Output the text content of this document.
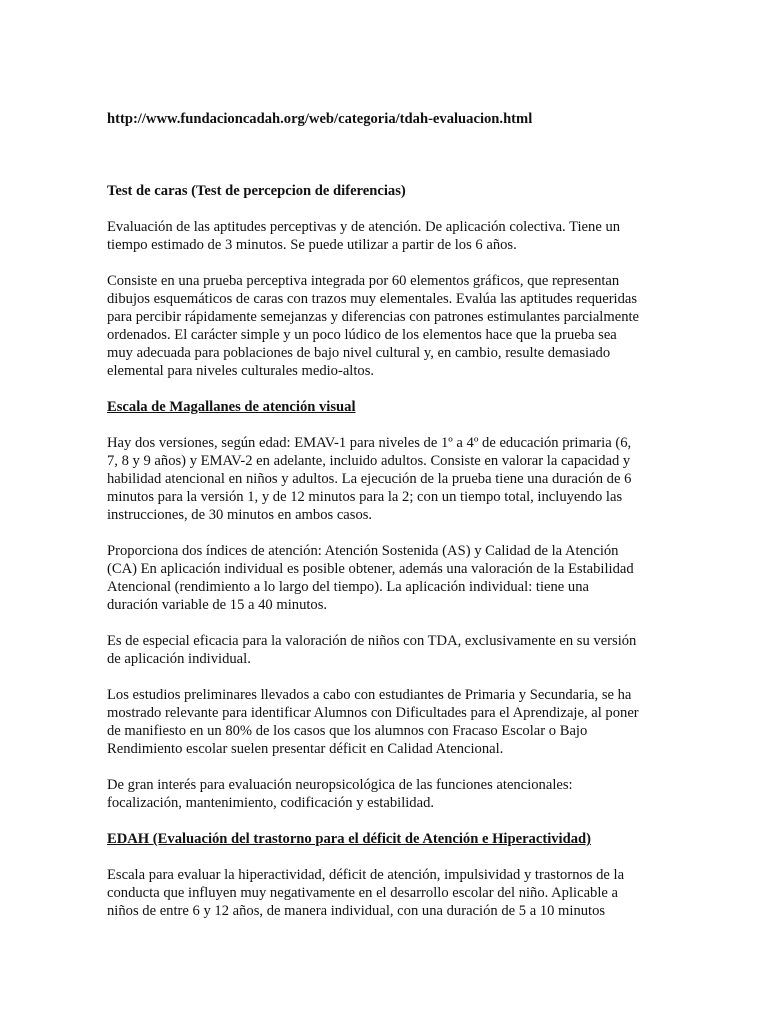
http://www.fundacioncadah.org/web/categoria/tdah-evaluacion.html

Test de caras (Test de percepcion de diferencias)

Evaluación de las aptitudes perceptivas y de atención. De aplicación colectiva. Tiene un
tiempo estimado de 3 minutos. Se puede utilizar a partir de los 6 años.

Consiste en una prueba perceptiva integrada por 60 elementos gráficos, que representan
dibujos esquemáticos de caras con trazos muy elementales. Evalúa las aptitudes requeridas
para percibir rápidamente semejanzas y diferencias con patrones estimulantes parcialmente
ordenados. El carácter simple y un poco lúdico de los elementos hace que la prueba sea
muy adecuada para poblaciones de bajo nivel cultural y, en cambio, resulte demasiado
elemental para niveles culturales medio-altos.

Escala de Magallanes de atención visual

Hay dos versiones, según edad: EMAV-1 para niveles de 1º a 4º de educación primaria (6,
7, 8 y 9 años) y EMAV-2 en adelante, incluido adultos. Consiste en valorar la capacidad y
habilidad atencional en niños y adultos. La ejecución de la prueba tiene una duración de 6
minutos para la versión 1, y de 12 minutos para la 2; con un tiempo total, incluyendo las
instrucciones, de 30 minutos en ambos casos.

Proporciona dos índices de atención: Atención Sostenida (AS) y Calidad de la Atención
(CA) En aplicación individual es posible obtener, además una valoración de la Estabilidad
Atencional (rendimiento a lo largo del tiempo). La aplicación individual: tiene una
duración variable de 15 a 40 minutos.

Es de especial eficacia para la valoración de niños con TDA, exclusivamente en su versión
de aplicación individual.

Los estudios preliminares llevados a cabo con estudiantes de Primaria y Secundaria, se ha
mostrado relevante para identificar Alumnos con Dificultades para el Aprendizaje, al poner
de manifiesto en un 80% de los casos que los alumnos con Fracaso Escolar o Bajo
Rendimiento escolar suelen presentar déficit en Calidad Atencional.

De gran interés para evaluación neuropsicológica de las funciones atencionales:
focalización, mantenimiento, codificación y estabilidad.

EDAH (Evaluación del trastorno para el déficit de Atención e Hiperactividad)

Escala para evaluar la hiperactividad, déficit de atención, impulsividad y trastornos de la
conducta que influyen muy negativamente en el desarrollo escolar del niño. Aplicable a
niños de entre 6 y 12 años, de manera individual, con una duración de 5 a 10 minutos
